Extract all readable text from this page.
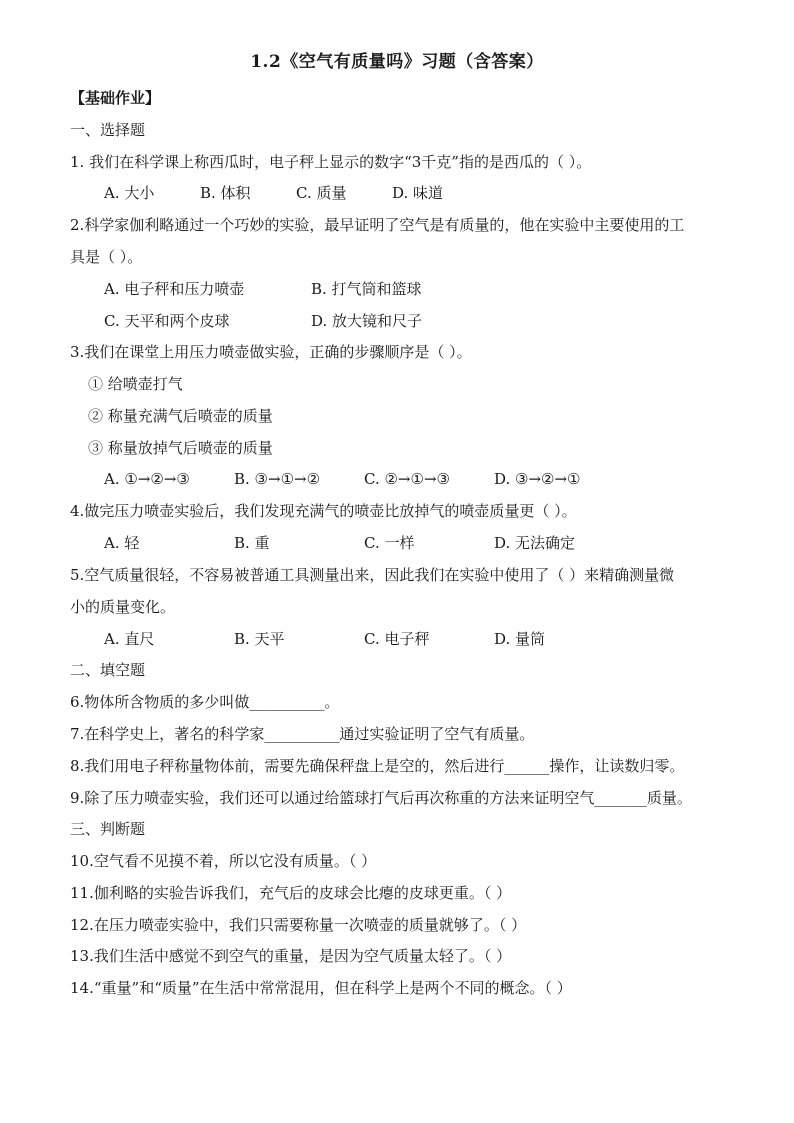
1.2《空气有质量吗》习题（含答案）
【基础作业】
一、选择题
1. 我们在科学课上称西瓜时，电子秤上显示的数字“3千克”指的是西瓜的（ ）。
A. 大小	B. 体积	C. 质量	D. 味道
2.科学家伽利略通过一个巧妙的实验，最早证明了空气是有质量的，他在实验中主要使用的工
具是（ ）。
A. 电子秤和压力喷壶	B. 打气筒和篮球
C. 天平和两个皮球	D. 放大镜和尺子
3.我们在课堂上用压力喷壶做实验，正确的步骤顺序是（ ）。
① 给喷壶打气
② 称量充满气后喷壶的质量
③ 称量放掉气后喷壶的质量
A. ①→②→③	B. ③→①→②	C. ②→①→③	D. ③→②→①
4.做完压力喷壶实验后，我们发现充满气的喷壶比放掉气的喷壶质量更（ ）。
A. 轻	B. 重	C. 一样	D. 无法确定
5.空气质量很轻，不容易被普通工具测量出来，因此我们在实验中使用了（ ）来精确测量微
小的质量变化。
A. 直尺	B. 天平	C. 电子秤	D. 量筒
二、填空题
6.物体所含物质的多少叫做__________。
7.在科学史上，著名的科学家__________通过实验证明了空气有质量。
8.我们用电子秤称量物体前，需要先确保秤盘上是空的，然后进行______操作，让读数归零。
9.除了压力喷壶实验，我们还可以通过给篮球打气后再次称重的方法来证明空气_______质量。
三、判断题
10.空气看不见摸不着，所以它没有质量。（ ）
11.伽利略的实验告诉我们，充气后的皮球会比瘪的皮球更重。（ ）
12.在压力喷壶实验中，我们只需要称量一次喷壶的质量就够了。（ ）
13.我们生活中感觉不到空气的重量，是因为空气质量太轻了。（ ）
14.“重量”和“质量”在生活中常常混用，但在科学上是两个不同的概念。（ ）
